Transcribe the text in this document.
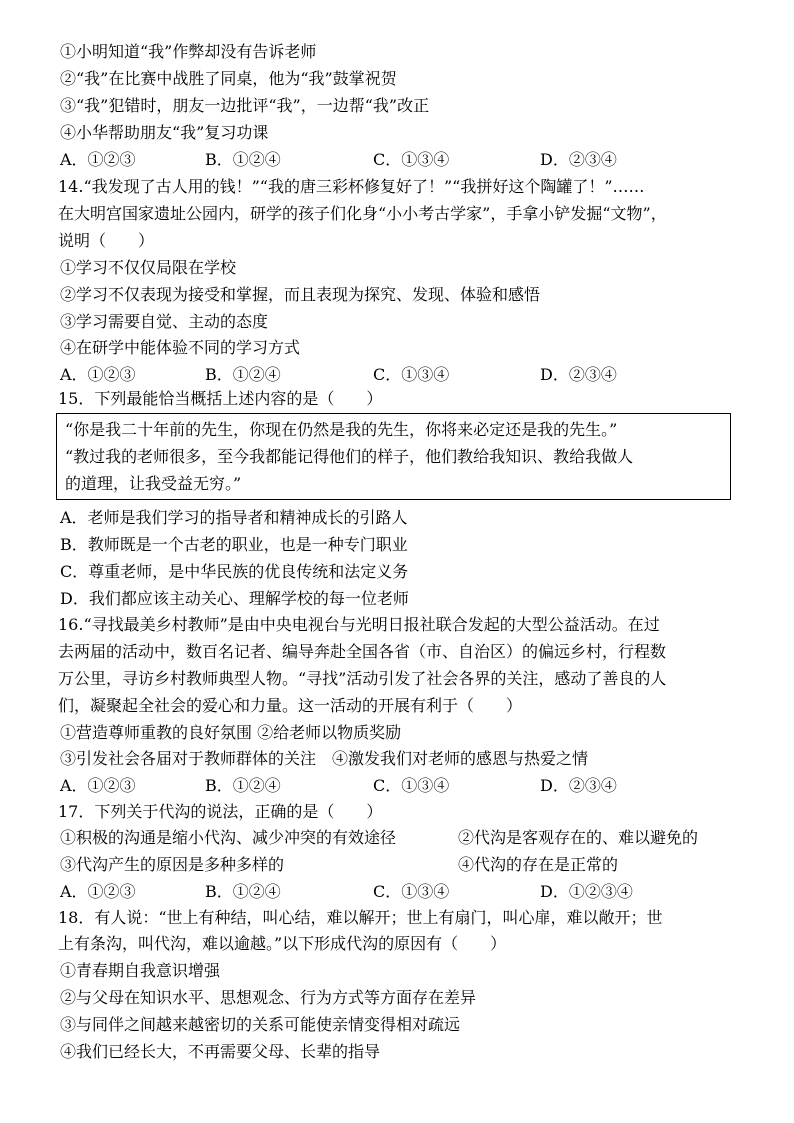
①小明知道“我”作弊却没有告诉老师
②“我”在比赛中战胜了同桌，他为“我”鼓掌祝贺
③“我”犯错时，朋友一边批评“我”，一边帮“我”改正
④小华帮助朋友“我”复习功课
A．①②③	B．①②④	C．①③④	D．②③④
14.“我发现了古人用的钱！”“我的唐三彩杯修复好了！”“我拼好这个陶罐了！”……
在大明宫国家遗址公园内，研学的孩子们化身“小小考古学家”，手拿小铲发掘“文物”，
说明（　　）
①学习不仅仅局限在学校
②学习不仅表现为接受和掌握，而且表现为探究、发现、体验和感悟
③学习需要自觉、主动的态度
④在研学中能体验不同的学习方式
A．①②③	B．①②④	C．①③④	D．②③④
15．下列最能恰当概括上述内容的是（　　）
“你是我二十年前的先生，你现在仍然是我的先生，你将来必定还是我的先生。”
“教过我的老师很多，至今我都能记得他们的样子，他们教给我知识、教给我做人
的道理，让我受益无穷。”
A．老师是我们学习的指导者和精神成长的引路人
B．教师既是一个古老的职业，也是一种专门职业
C．尊重老师，是中华民族的优良传统和法定义务
D．我们都应该主动关心、理解学校的每一位老师
16.“寻找最美乡村教师”是由中央电视台与光明日报社联合发起的大型公益活动。在过
去两届的活动中，数百名记者、编导奔赴全国各省（市、自治区）的偏远乡村，行程数
万公里，寻访乡村教师典型人物。“寻找”活动引发了社会各界的关注，感动了善良的人
们，凝聚起全社会的爱心和力量。这一活动的开展有利于（　　）
①营造尊师重教的良好氛围 ②给老师以物质奖励
③引发社会各届对于教师群体的关注　④激发我们对老师的感恩与热爱之情
A．①②③	B．①②④	C．①③④	D．②③④
17．下列关于代沟的说法，正确的是（　　）
①积极的沟通是缩小代沟、减少冲突的有效途径	②代沟是客观存在的、难以避免的
③代沟产生的原因是多种多样的	④代沟的存在是正常的
A．①②③	B．①②④	C．①③④	D．①②③④
18．有人说：“世上有种结，叫心结，难以解开；世上有扇门，叫心扉，难以敞开；世
上有条沟，叫代沟，难以逾越。”以下形成代沟的原因有（　　）
①青春期自我意识增强
②与父母在知识水平、思想观念、行为方式等方面存在差异
③与同伴之间越来越密切的关系可能使亲情变得相对疏远
④我们已经长大，不再需要父母、长辈的指导
